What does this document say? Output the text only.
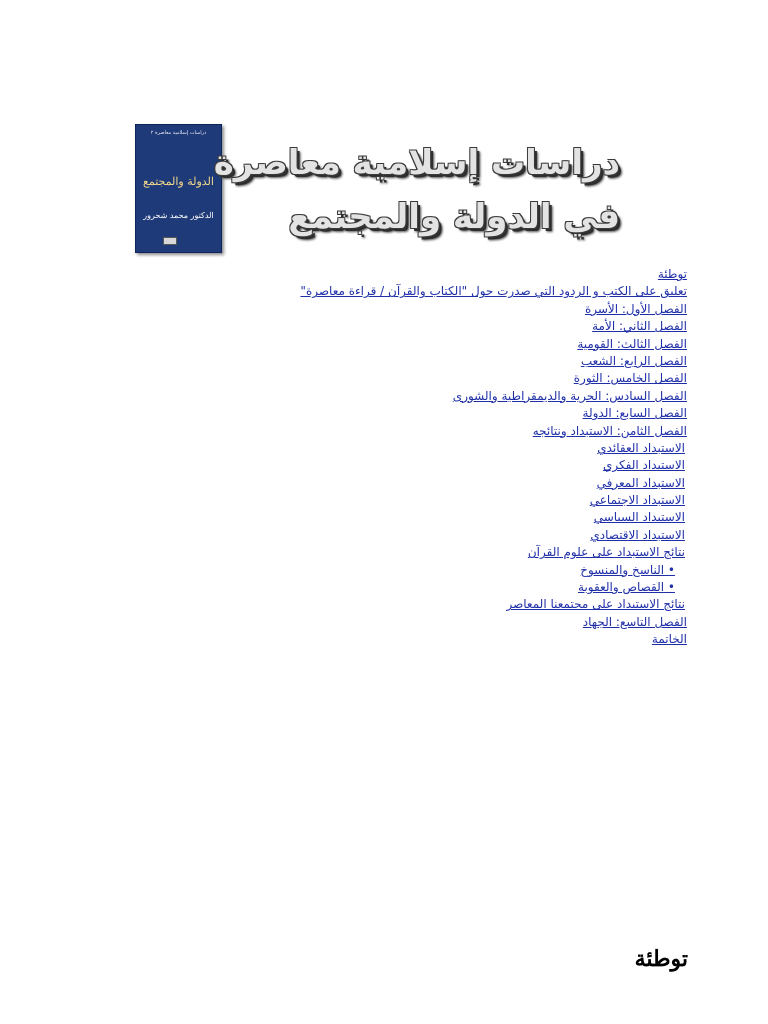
دراسات إسلامية معاصرة ٢
الدولة والمجتمع
الدكتور محمد شحرور
دراسات إسلامية معاصرة
في الدولة والمجتمع
توطئة
تعليق على الكتب و الردود التي صدرت حول "الكتاب والقرآن / قراءة معاصرة"
الفصل الأول: الأسرة
الفصل الثاني: الأمة
الفصل الثالث: القومية
الفصل الرابع: الشعب
الفصل الخامس: الثورة
الفصل السادس: الحرية والديمقراطية والشورى
الفصل السابع: الدولة
الفصل الثامن: الاستبداد ونتائجه
الاستبداد العقائدي
الاستبداد الفكري
الاستبداد المعرفي
الاستبداد الاجتماعي
الاستبداد السياسي
الاستبداد الاقتصادي
نتائج الاستبداد على علوم القرآن
• الناسخ والمنسوخ
• القصاص والعقوبة
نتائج الاستبداد على مجتمعنا المعاصر
الفصل التاسع: الجهاد
الخاتمة
توطئة
